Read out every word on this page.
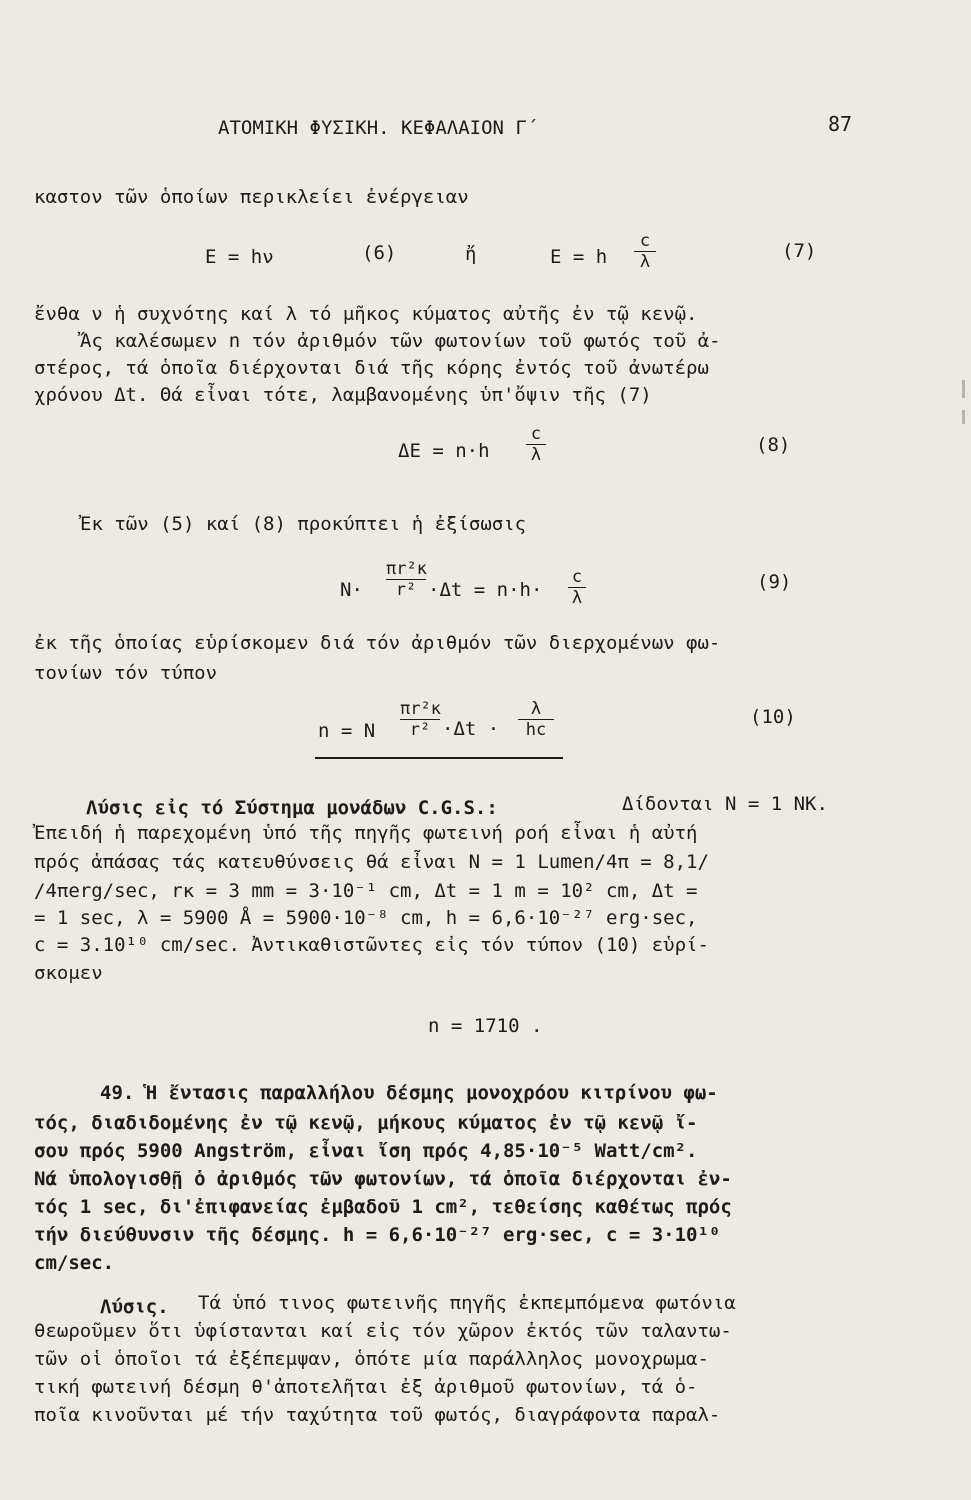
ΑΤΟΜΙΚΗ ΦΥΣΙΚΗ. ΚΕΦΑΛΑΙΟΝ Γ΄	87
καστον τῶν ὁποίων περικλείει ἐνέργειαν
E = hν	(6)	ἤ	E = h
c
λ	(7)
ἔνθα ν ἡ συχνότης καί λ τό μῆκος κύματος αὐτῆς ἐν τῷ κενῷ.
Ἄς καλέσωμεν n τόν ἀριθμόν τῶν φωτονίων τοῦ φωτός τοῦ ἀ-
στέρος, τά ὁποῖα διέρχονται διά τῆς κόρης ἐντός τοῦ ἀνωτέρω
χρόνου Δt. Θά εἶναι τότε, λαμβανομένης ὑπ'ὄψιν τῆς (7)
ΔE = n·h
c
λ	(8)
Ἐκ τῶν (5) καί (8) προκύπτει ἡ ἐξίσωσις
N·
πr²κ
r² ·Δt = n·h·
c
λ
(9)
ἐκ τῆς ὁποίας εὑρίσκομεν διά τόν ἀριθμόν τῶν διερχομένων φω-
τονίων τόν τύπον
n = N
πr²κ
r² ·Δt ·
λ
hc
(10)
Λύσις εἰς τό Σύστημα μονάδων C.G.S.:	Δίδονται N = 1 NK.
Ἐπειδή ἡ παρεχομένη ὑπό τῆς πηγῆς φωτεινή ροή εἶναι ἡ αὐτή
πρός ἁπάσας τάς κατευθύνσεις θά εἶναι N = 1 Lumen/4π = 8,1/
/4πerg/sec, rκ = 3 mm = 3·10⁻¹ cm, Δt = 1 m = 10² cm, Δt =
= 1 sec, λ = 5900 Å = 5900·10⁻⁸ cm, h = 6,6·10⁻²⁷ erg·sec,
c = 3.10¹⁰ cm/sec. Ἀντικαθιστῶντες εἰς τόν τύπον (10) εὑρί-
σκομεν
n = 1710 .
49. Ἡ ἔντασις παραλλήλου δέσμης μονοχρόου κιτρίνου φω-
τός, διαδιδομένης ἐν τῷ κενῷ, μήκους κύματος ἐν τῷ κενῷ ἴ-
σου πρός 5900 Angström, εἶναι ἴση πρός 4,85·10⁻⁵ Watt/cm².
Νά ὑπολογισθῇ ὁ ἀριθμός τῶν φωτονίων, τά ὁποῖα διέρχονται ἐν-
τός 1 sec, δι'ἐπιφανείας ἐμβαδοῦ 1 cm², τεθείσης καθέτως πρός
τήν διεύθυνσιν τῆς δέσμης. h = 6,6·10⁻²⁷ erg·sec, c = 3·10¹⁰
cm/sec.
Λύσις. Τά ὑπό τινος φωτεινῆς πηγῆς ἐκπεμπόμενα φωτόνια
θεωροῦμεν ὅτι ὑφίστανται καί εἰς τόν χῶρον ἐκτός τῶν ταλαντω-
τῶν οἱ ὁποῖοι τά ἐξέπεμψαν, ὁπότε μία παράλληλος μονοχρωμα-
τική φωτεινή δέσμη θ'ἀποτελῆται ἐξ ἀριθμοῦ φωτονίων, τά ὁ-
ποῖα κινοῦνται μέ τήν ταχύτητα τοῦ φωτός, διαγράφοντα παραλ-
